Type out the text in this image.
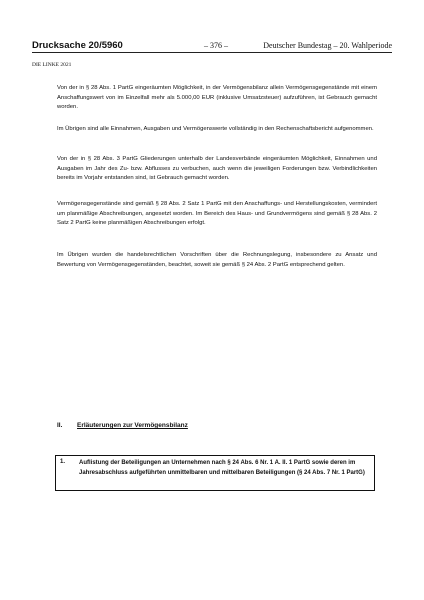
Drucksache 20/5960	– 376 –	Deutscher Bundestag – 20. Wahlperiode
DIE LINKE 2021

Von der in § 28 Abs. 1 PartG eingeräumten Möglichkeit, in der Vermögensbilanz allein Vermögensgegenstände mit einem Anschaffungswert von im Einzelfall mehr als 5.000,00 EUR (inklusive Umsatzsteuer) aufzuführen, ist Gebrauch gemacht worden.

Im Übrigen sind alle Einnahmen, Ausgaben und Vermögenswerte vollständig in den Rechenschaftsbericht aufgenommen.

Von der in § 28 Abs. 3 PartG Gliederungen unterhalb der Landesverbände eingeräumten Möglichkeit, Einnahmen und Ausgaben im Jahr des Zu- bzw. Abflusses zu verbuchen, auch wenn die jeweiligen Forderungen bzw. Verbindlichkeiten bereits im Vorjahr entstanden sind, ist Gebrauch gemacht worden.

Vermögensgegenstände sind gemäß § 28 Abs. 2 Satz 1 PartG mit den Anschaffungs- und Herstellungskosten, vermindert um planmäßige Abschreibungen, angesetzt worden. Im Bereich des Haus- und Grundvermögens sind gemäß § 28 Abs. 2 Satz 2 PartG keine planmäßigen Abschreibungen erfolgt.

Im Übrigen wurden die handelsrechtlichen Vorschriften über die Rechnungslegung, insbesondere zu Ansatz und Bewertung von Vermögensgegenständen, beachtet, soweit sie gemäß § 24 Abs. 2 PartG entsprechend gelten.

II. Erläuterungen zur Vermögensbilanz
1. Auflistung der Beteiligungen an Unternehmen nach § 24 Abs. 6 Nr. 1 A. II. 1 PartG sowie deren im Jahresabschluss aufgeführten unmittelbaren und mittelbaren Beteiligungen (§ 24 Abs. 7 Nr. 1 PartG)
